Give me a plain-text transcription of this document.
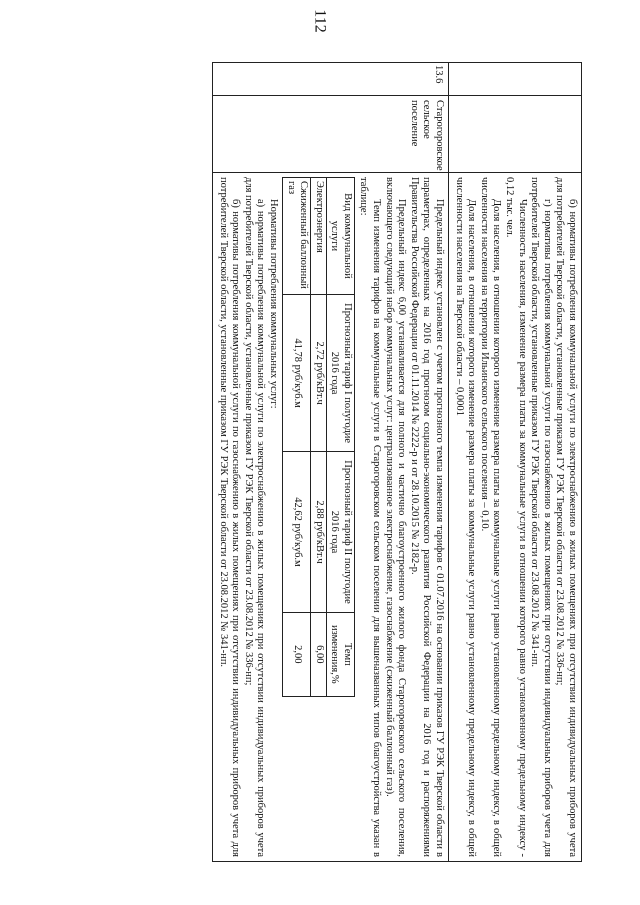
112

б) нормативы потребления коммунальной услуги по электроснабжению в жилых помещениях при отсутствии индивидуальных приборов учета для потребителей Тверской области, установленные приказом ГУ РЭК Тверской области от 23.08.2012 № 336-нп;

г) нормативы потребления коммунальной услуги по газоснабжению в жилых помещениях при отсутствии индивидуальных приборов учета для потребителей Тверской области, установленные приказом ГУ РЭК Тверской области от 23.08.2012 № 341-нп.

Численность населения, изменение размера платы за коммунальные услуги в отношении которого равно установленному предельному индексу - 0,12 тыс. чел.

Доля населения, в отношении которого изменение размера платы за коммунальные услуги равно установленному предельному индексу, в общей численности населения на территории Ильинского сельского поселения – 0,10.

Доля населения, в отношении которого изменение размера платы за коммунальные услуги равно установленному предельному индексу, в общей численности населения на Тверской области – 0,0001

13.6	Старогоровское сельское поселение	

Предельный индекс установлен с учетом прогнозного темпа изменения тарифов с 01.07.2016 на основании приказов ГУ РЭК Тверской области в параметрах, определенных на 2016 год прогнозом социально-экономического развития Российской Федерации на 2016 год и распоряжениями Правительства Российской Федерации от 01.11.2014 № 2222-р и от 28.10.2015 № 2182-р.

Предельный индекс 6,00 устанавливается для полного и частично благоустроенного жилого фонда Старогоровского сельского поселения, включающего следующий набор коммунальных услуг: централизованное электроснабжение, газоснабжение (сжиженный баллонный газ).

Темп изменения тарифов на коммунальные услуги в Старогоровском сельском поселении для вышеназванных типов благоустройства указан в таблице:

Вид коммунальной услуги	Прогнозный тариф I полугодие 2016 года	Прогнозный тариф II полугодие 2016 года	Темп изменения,%
Электроэнергия	2,72 руб/кВт.ч	2,88 руб/кВт.ч	6,00
Сжиженный баллонный газ	41,78 руб/куб.м	42,62 руб/куб.м	2,00

Нормативы потребления коммунальных услуг:

а) нормативы потребления коммунальной услуги по электроснабжению в жилых помещениях при отсутствии индивидуальных приборов учета для потребителей Тверской области, установленные приказом ГУ РЭК Тверской области от 23.08.2012 № 336-нп;

б) нормативы потребления коммунальной услуги по газоснабжению в жилых помещениях при отсутствии индивидуальных приборов учета для потребителей Тверской области, установленные приказом ГУ РЭК Тверской области от 23.08.2012 № 341-нп.
